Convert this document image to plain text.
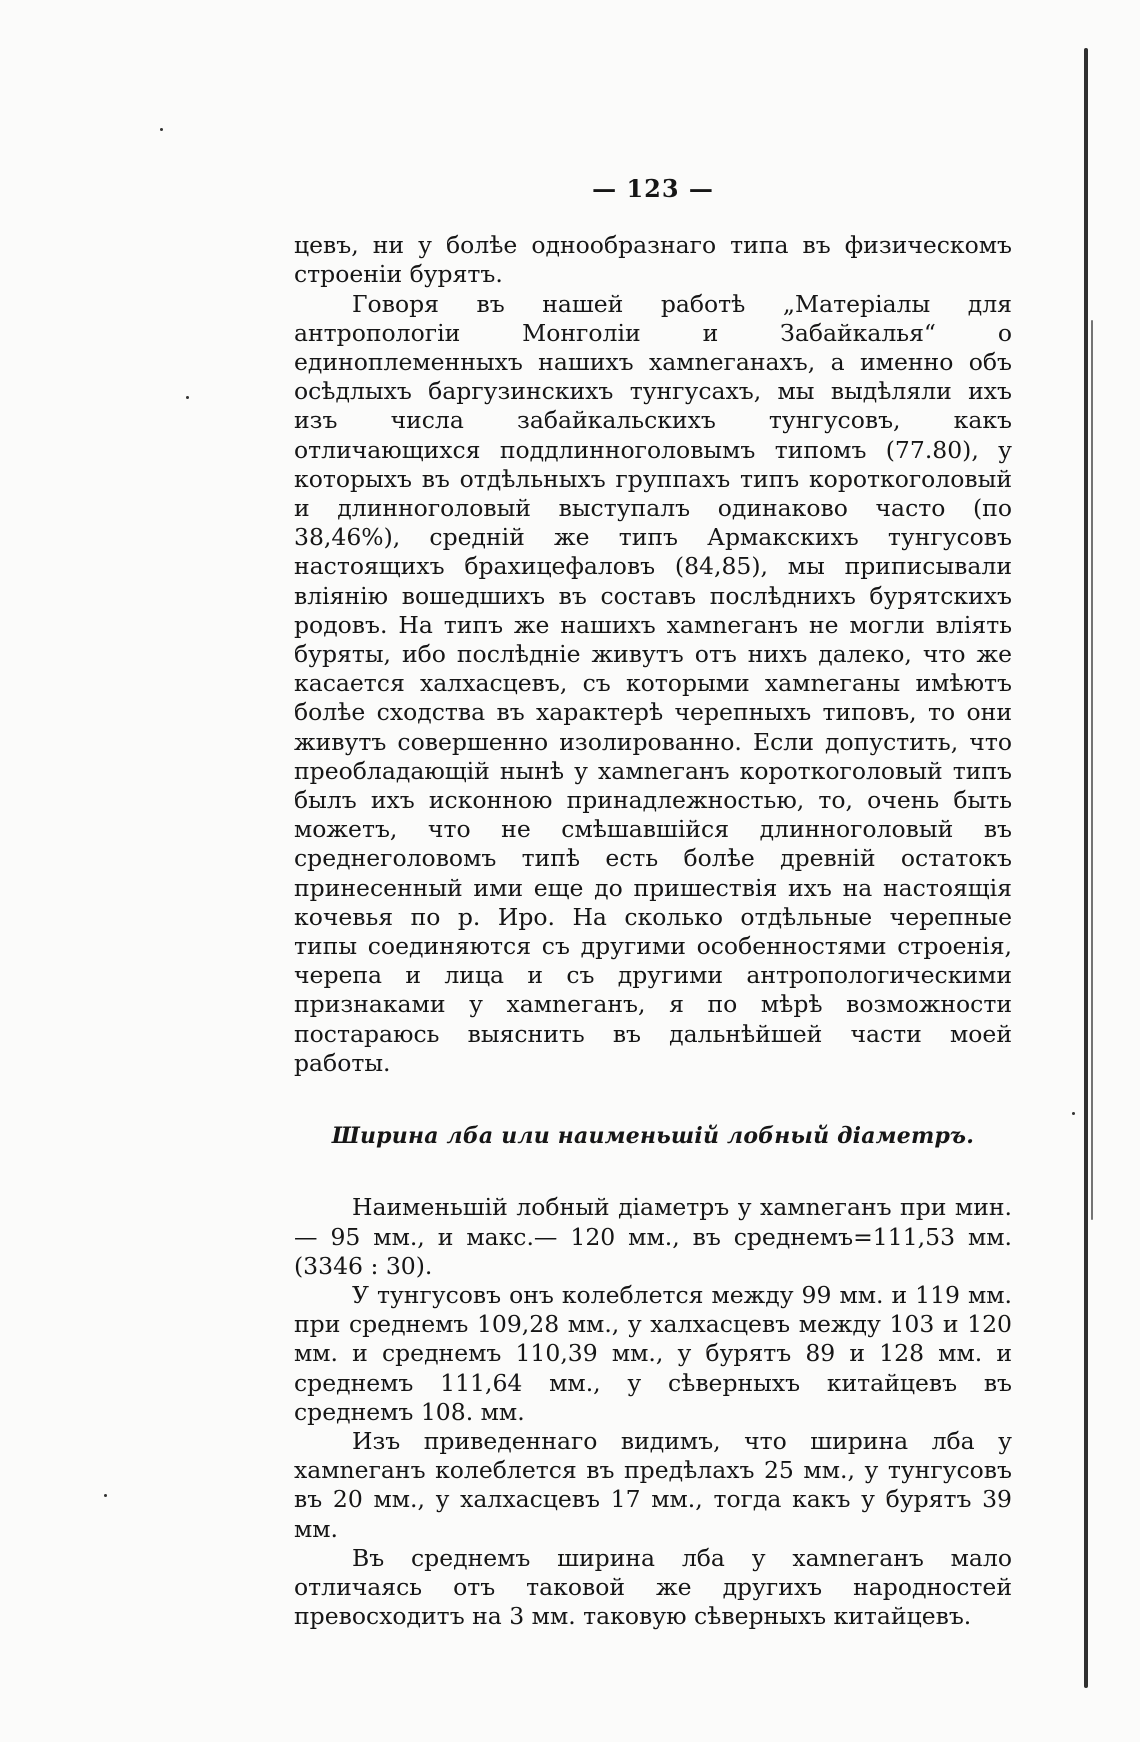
— 123 —

цевъ, ни у болѣе однообразнаго типа въ физическомъ строеніи бурятъ.

Говоря въ нашей работѣ „Матеріалы для антропологіи Монголіи и Забайкалья“ о единоплеменныхъ нашихъ хамneганахъ, а именно объ осѣдлыхъ баргузинскихъ тунгусахъ, мы выдѣляли ихъ изъ числа забайкальскихъ тунгусовъ, какъ отличающихся поддлинноголовымъ типомъ (77.80), у которыхъ въ отдѣльныхъ группахъ типъ короткоголовый и длинноголовый выступалъ одинаково часто (по 38,46%), средній же типъ Армакскихъ тунгусовъ настоящихъ брахицефаловъ (84,85), мы приписывали вліянію вошедшихъ въ составъ послѣднихъ бурятскихъ родовъ. На типъ же нашихъ хамneганъ не могли вліять буряты, ибо послѣдніе живутъ отъ нихъ далеко, что же касается халхасцевъ, съ которыми хамneганы имѣютъ болѣе сходства въ характерѣ черепныхъ типовъ, то они живутъ совершенно изолированно. Если допустить, что преобладающій нынѣ у хамneганъ короткоголовый типъ былъ ихъ исконною принадлежностью, то, очень быть можетъ, что не смѣшавшійся длинноголовый въ среднеголовомъ типѣ есть болѣе древній остатокъ принесенный ими еще до пришествія ихъ на настоящія кочевья по р. Иро. На сколько отдѣльные черепные типы соединяются съ другими особенностями строенія, черепа и лица и съ другими антропологическими признаками у хамneганъ, я по мѣрѣ возможности постараюсь выяснить въ дальнѣйшей части моей работы.

Ширина лба или наименьшій лобный діаметръ.

Наименьшій лобный діаметръ у хамneганъ при мин.— 95 мм., и макс.— 120 мм., въ среднемъ=111,53 мм. (3346 : 30).

У тунгусовъ онъ колеблется между 99 мм. и 119 мм. при среднемъ 109,28 мм., у халхасцевъ между 103 и 120 мм. и среднемъ 110,39 мм., у бурятъ 89 и 128 мм. и среднемъ 111,64 мм., у сѣверныхъ китайцевъ въ среднемъ 108. мм.

Изъ приведеннаго видимъ, что ширина лба у хамneганъ колеблется въ предѣлахъ 25 мм., у тунгусовъ въ 20 мм., у халхасцевъ 17 мм., тогда какъ у бурятъ 39 мм.

Въ среднемъ ширина лба у хамneганъ мало отличаясь отъ таковой же другихъ народностей превосходитъ на 3 мм. таковую сѣверныхъ китайцевъ.
